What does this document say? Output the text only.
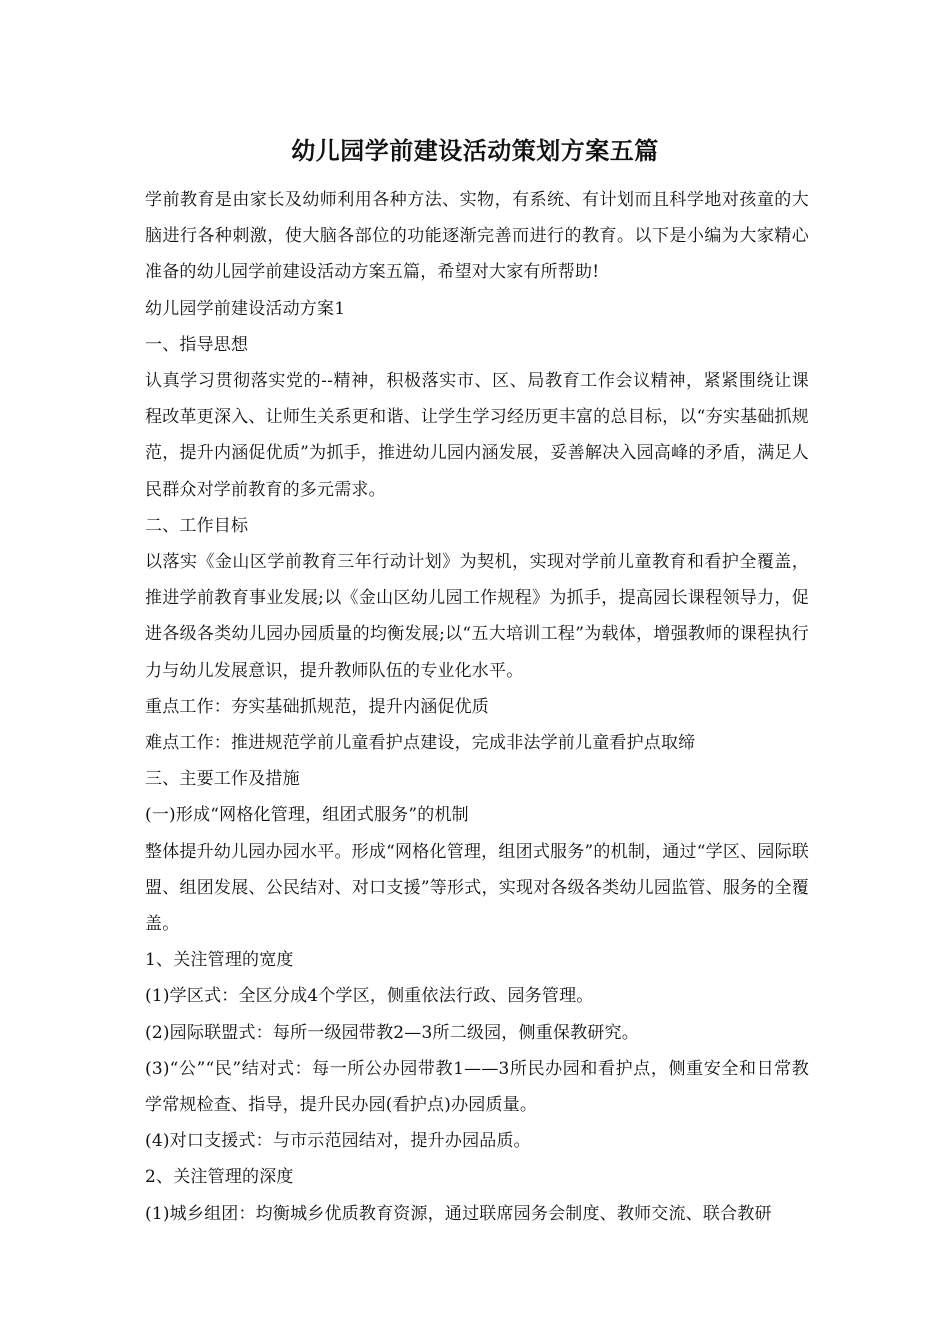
幼儿园学前建设活动策划方案五篇

学前教育是由家长及幼师利用各种方法、实物，有系统、有计划而且科学地对孩童的大脑进行各种刺激，使大脑各部位的功能逐渐完善而进行的教育。以下是小编为大家精心准备的幼儿园学前建设活动方案五篇，希望对大家有所帮助!

幼儿园学前建设活动方案1

一、指导思想

认真学习贯彻落实党的--精神，积极落实市、区、局教育工作会议精神，紧紧围绕让课程改革更深入、让师生关系更和谐、让学生学习经历更丰富的总目标，以“夯实基础抓规范，提升内涵促优质”为抓手，推进幼儿园内涵发展，妥善解决入园高峰的矛盾，满足人民群众对学前教育的多元需求。

二、工作目标

以落实《金山区学前教育三年行动计划》为契机，实现对学前儿童教育和看护全覆盖，推进学前教育事业发展;以《金山区幼儿园工作规程》为抓手，提高园长课程领导力，促进各级各类幼儿园办园质量的均衡发展;以“五大培训工程”为载体，增强教师的课程执行力与幼儿发展意识，提升教师队伍的专业化水平。

重点工作：夯实基础抓规范，提升内涵促优质

难点工作：推进规范学前儿童看护点建设，完成非法学前儿童看护点取缔

三、主要工作及措施

(一)形成“网格化管理，组团式服务”的机制

整体提升幼儿园办园水平。形成“网格化管理，组团式服务”的机制，通过“学区、园际联盟、组团发展、公民结对、对口支援”等形式，实现对各级各类幼儿园监管、服务的全覆盖。

1、关注管理的宽度

(1)学区式：全区分成4个学区，侧重依法行政、园务管理。

(2)园际联盟式：每所一级园带教2—3所二级园，侧重保教研究。

(3)“公”“民”结对式：每一所公办园带教1——3所民办园和看护点，侧重安全和日常教学常规检查、指导，提升民办园(看护点)办园质量。

(4)对口支援式：与市示范园结对，提升办园品质。

2、关注管理的深度

(1)城乡组团：均衡城乡优质教育资源，通过联席园务会制度、教师交流、联合教研
